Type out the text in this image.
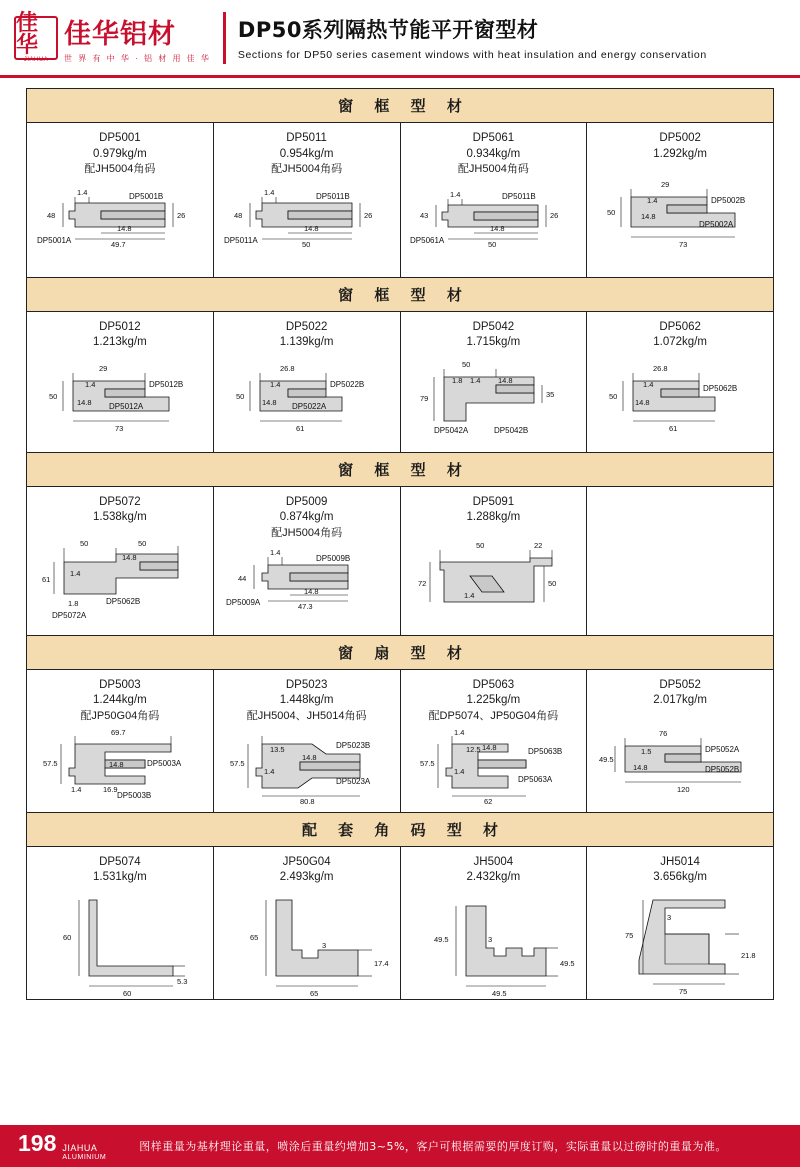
佳华
JIAHUA
佳华铝材
世 界 有 中 华 · 铝 材 用 佳 华
DP50系列隔热节能平开窗型材
Sections for DP50 series casement windows with heat insulation and energy conservation
窗 框 型 材
DP5001
0.979kg/m
配JH5004角码
1.4
48	26
14.8
49.7
DP5001B
DP5001A
DP5011
0.954kg/m
配JH5004角码
1.4
48	26
14.8
50
DP5011B
DP5011A
DP5061
0.934kg/m
配JH5004角码
1.4
43	26
14.8
50
DP5011B
DP5061A
DP5002
1.292kg/m
29
1.4
50	14.8
73
DP5002B
DP5002A
窗 框 型 材
DP5012
1.213kg/m
29
1.4
50
14.8
73
DP5012B
DP5012A
DP5022
1.139kg/m
26.8
1.4
50
14.8
61
DP5022B
DP5022A
DP5042
1.715kg/m
50
1.8 1.4 14.8
79	35
DP5042A	DP5042B
DP5062
1.072kg/m
26.8
1.4
50
14.8
61
DP5062B
窗 框 型 材
DP5072
1.538kg/m
50	50
14.8
61
1.4
1.8	DP5062B
DP5072A
DP5009
0.874kg/m
配JH5004角码
1.4
44
14.8
47.3
DP5009B
DP5009A
DP5091
1.288kg/m
50	22
72	50
1.4
窗 扇 型 材
DP5003
1.244kg/m
配JP50G04角码
69.7
57.5	14.8
1.4	16.9
DP5003A
DP5003B
DP5023
1.448kg/m
配JH5004、JH5014角码
13.5
57.5
1.4
14.8
80.8
DP5023B
DP5023A
DP5063
1.225kg/m
配DP5074、JP50G04角码
1.4
12.5 14.8
57.5
1.4
62
DP5063B
DP5063A
DP5052
2.017kg/m
76
1.5
49.5
14.8
120
DP5052A
DP5052B
配 套 角 码 型 材
DP5074
1.531kg/m
60
5.3
60
JP50G04
2.493kg/m
65
3
17.4
65
JH5004
2.432kg/m
49.5	3
49.5
49.5
JH5014
3.656kg/m
75
3
21.8
75
198 JIAHUA
ALUMINIUM
图样重量为基材理论重量，喷涂后重量约增加3~5%，客户可根据需要的厚度订购，实际重量以过磅时的重量为准。
